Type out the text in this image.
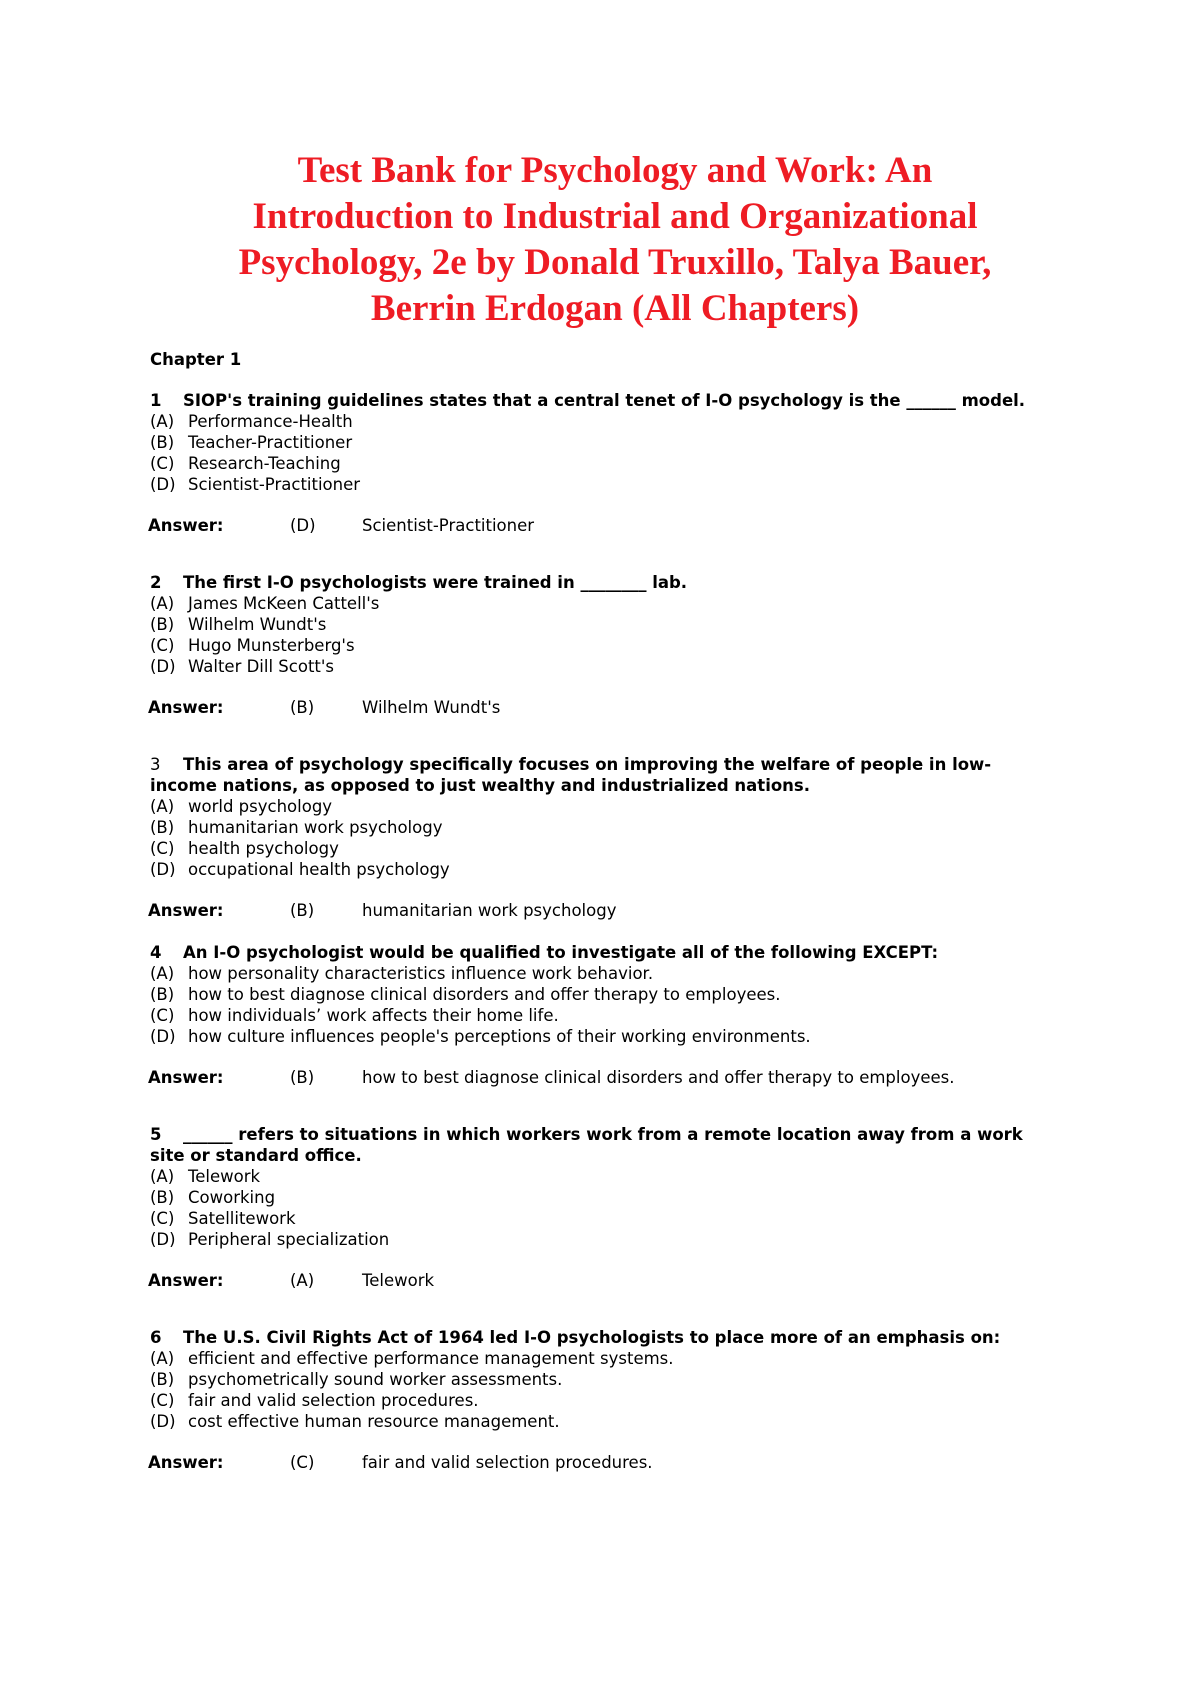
Test Bank for Psychology and Work: An
Introduction to Industrial and Organizational
Psychology, 2e by Donald Truxillo, Talya Bauer,
Berrin Erdogan (All Chapters)
Chapter 1

1 SIOP's training guidelines states that a central tenet of I-O psychology is the ______ model.

(A) Performance-Health
(B) Teacher-Practitioner
(C) Research-Teaching
(D) Scientist-Practitioner
Answer:	(D)	Scientist-Practitioner

2 The first I-O psychologists were trained in ________ lab.

(A) James McKeen Cattell's
(B) Wilhelm Wundt's
(C) Hugo Munsterberg's
(D) Walter Dill Scott's
Answer:	(B)	Wilhelm Wundt's

3 This area of psychology specifically focuses on improving the welfare of people in low-income nations, as opposed to just wealthy and industrialized nations.

(A) world psychology
(B) humanitarian work psychology
(C) health psychology
(D) occupational health psychology
Answer:	(B)	humanitarian work psychology

4 An I-O psychologist would be qualified to investigate all of the following EXCEPT:

(A) how personality characteristics influence work behavior.
(B) how to best diagnose clinical disorders and offer therapy to employees.
(C) how individuals’ work affects their home life.
(D) how culture influences people's perceptions of their working environments.
Answer:	(B)	how to best diagnose clinical disorders and offer therapy to employees.

5 ______ refers to situations in which workers work from a remote location away from a work site or standard office.

(A) Telework
(B) Coworking
(C) Satellitework
(D) Peripheral specialization
Answer:	(A)	Telework

6 The U.S. Civil Rights Act of 1964 led I-O psychologists to place more of an emphasis on:

(A) efficient and effective performance management systems.
(B) psychometrically sound worker assessments.
(C) fair and valid selection procedures.
(D) cost effective human resource management.
Answer:	(C)	fair and valid selection procedures.
